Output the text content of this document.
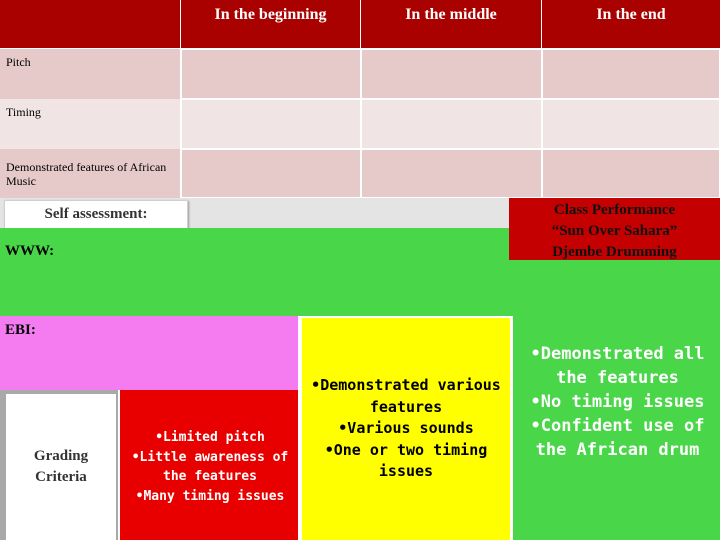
In the beginning	In the middle	In the end
Pitch
Timing
Demonstrated features of African Music
Self assessment:
WWW:
Class Performance
“Sun Over Sahara”
Djembe Drumming
EBI:
Grading
Criteria
•Limited pitch
•Little awareness of
the features
•Many timing issues
•Demonstrated various
features
•Various sounds
•One or two timing
issues
•Demonstrated all
the features
•No timing issues
•Confident use of
the African drum
